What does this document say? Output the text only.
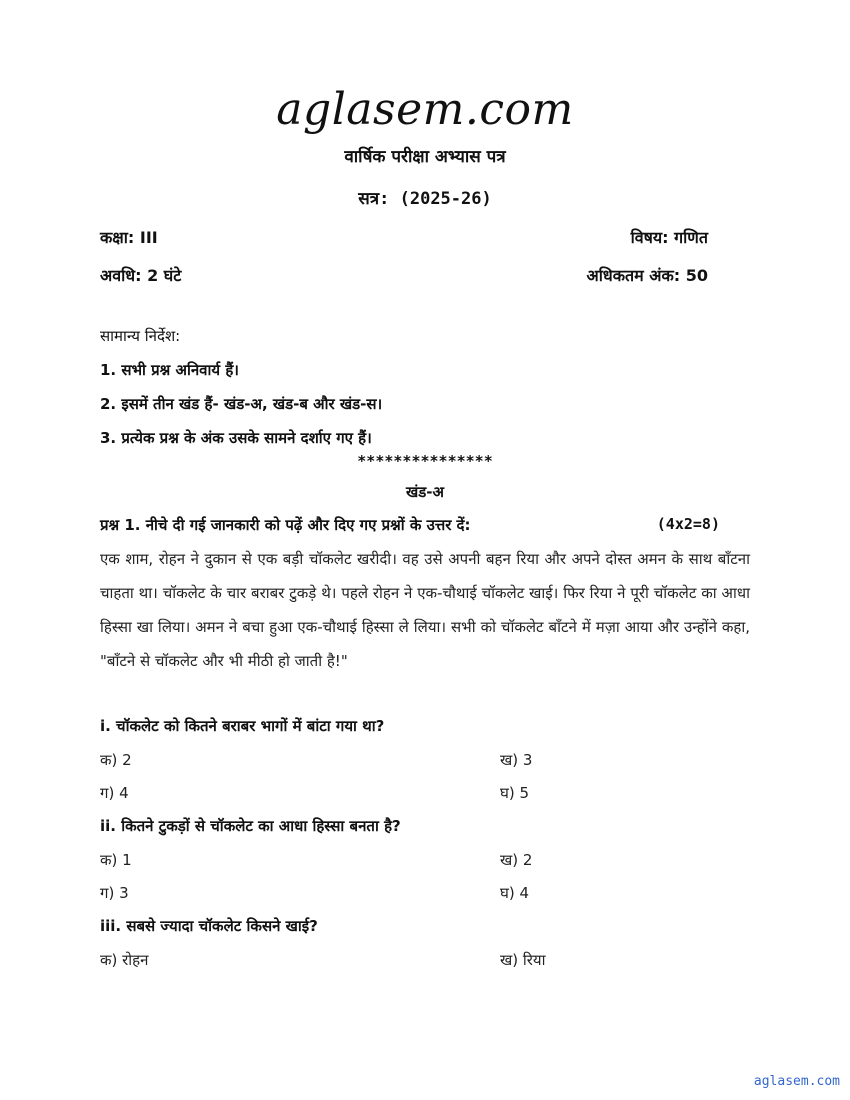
aglasem.com
वार्षिक परीक्षा अभ्यास पत्र
सत्र: (2025-26)
कक्षा: III	विषय: गणित
अवधि: 2 घंटे	अधिकतम अंक: 50
सामान्य निर्देश:
1. सभी प्रश्न अनिवार्य हैं।
2. इसमें तीन खंड हैं- खंड-अ, खंड-ब और खंड-स।
3. प्रत्येक प्रश्न के अंक उसके सामने दर्शाए गए हैं।
***************
खंड-अ
प्रश्न 1. नीचे दी गई जानकारी को पढ़ें और दिए गए प्रश्नों के उत्तर दें:	(4x2=8)
एक शाम, रोहन ने दुकान से एक बड़ी चॉकलेट खरीदी। वह उसे अपनी बहन रिया और अपने दोस्त अमन के साथ बाँटना चाहता था। चॉकलेट के चार बराबर टुकड़े थे। पहले रोहन ने एक-चौथाई चॉकलेट खाई। फिर रिया ने पूरी चॉकलेट का आधा हिस्सा खा लिया। अमन ने बचा हुआ एक-चौथाई हिस्सा ले लिया। सभी को चॉकलेट बाँटने में मज़ा आया और उन्होंने कहा, "बाँटने से चॉकलेट और भी मीठी हो जाती है!"
i. चॉकलेट को कितने बराबर भागों में बांटा गया था?
क) 2	ख) 3
ग) 4	घ) 5
ii. कितने टुकड़ों से चॉकलेट का आधा हिस्सा बनता है?
क) 1	ख) 2
ग) 3	घ) 4
iii. सबसे ज्यादा चॉकलेट किसने खाई?
क) रोहन	ख) रिया
aglasem.com
